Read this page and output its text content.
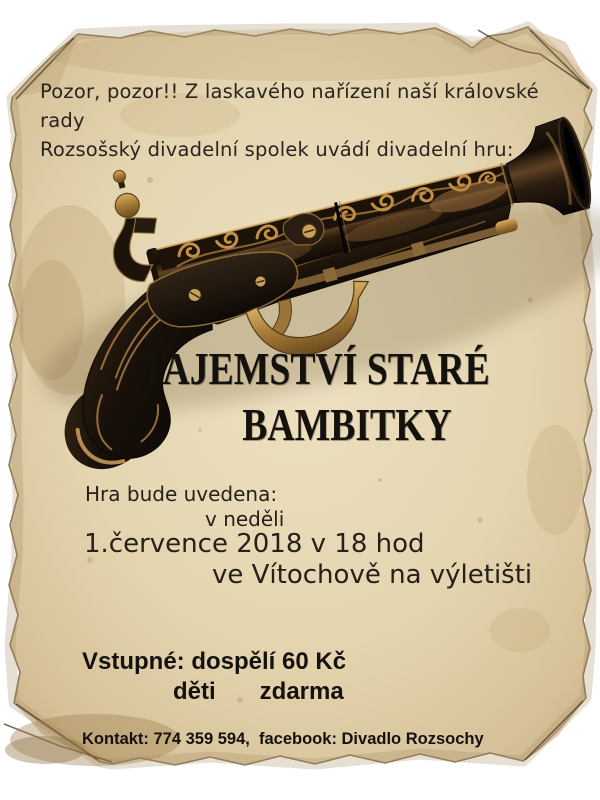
Pozor, pozor!! Z laskavého nařízení naší královské rady
Rozsošský divadelní spolek uvádí divadelní hru:
TAJEMSTVÍ STARÉ
BAMBITKY
Hra bude uvedena:
v neděli
1.července 2018 v 18 hod
ve Vítochově na výletišti
Vstupné: dospělí 60 Kč
děti zdarma
Kontakt: 774 359 594,  facebook: Divadlo Rozsochy
